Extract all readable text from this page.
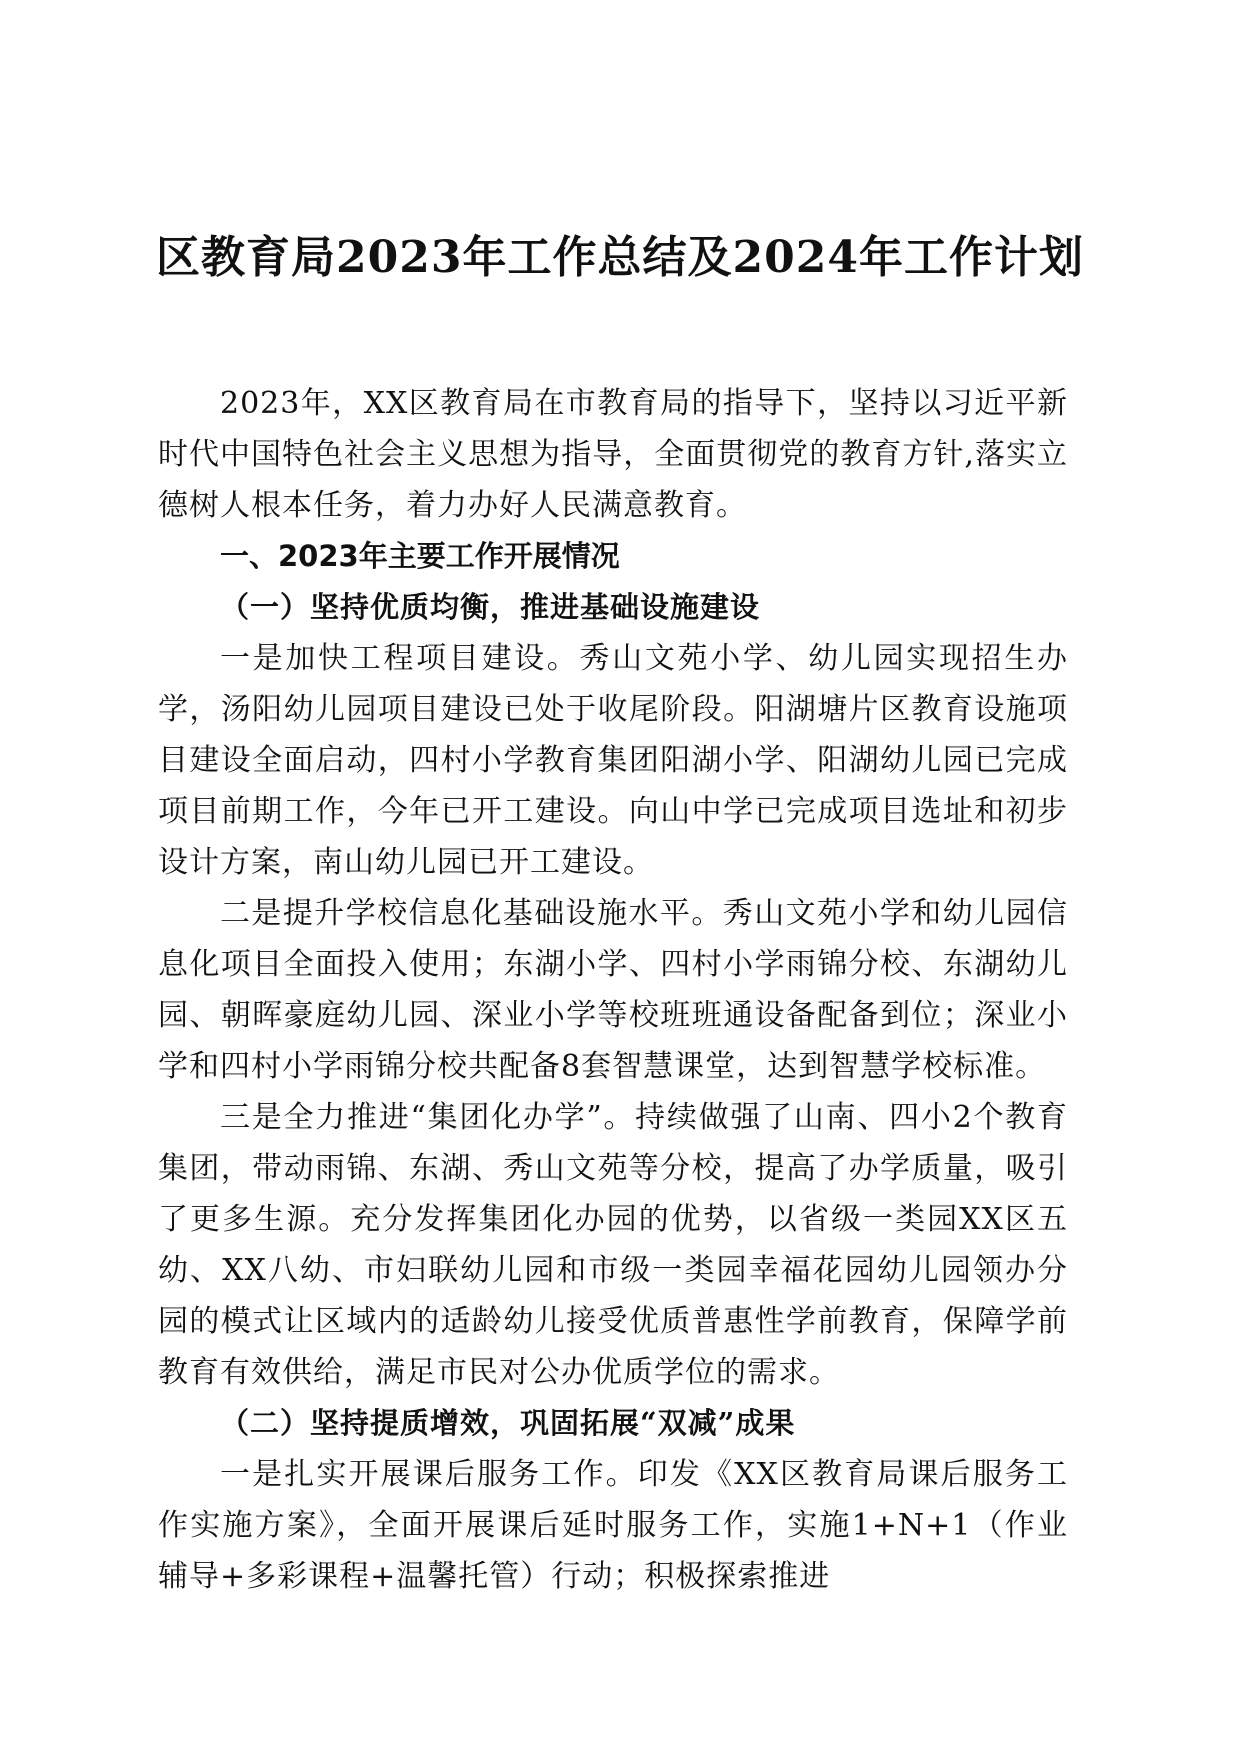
区教育局2023年工作总结及2024年工作计划

2023年，XX区教育局在市教育局的指导下，坚持以习近平新时代中国特色社会主义思想为指导，全面贯彻党的教育方针,落实立德树人根本任务，着力办好人民满意教育。

一、2023年主要工作开展情况

（一）坚持优质均衡，推进基础设施建设

一是加快工程项目建设。秀山文苑小学、幼儿园实现招生办学，汤阳幼儿园项目建设已处于收尾阶段。阳湖塘片区教育设施项目建设全面启动，四村小学教育集团阳湖小学、阳湖幼儿园已完成项目前期工作，今年已开工建设。向山中学已完成项目选址和初步设计方案，南山幼儿园已开工建设。

二是提升学校信息化基础设施水平。秀山文苑小学和幼儿园信息化项目全面投入使用；东湖小学、四村小学雨锦分校、东湖幼儿园、朝晖豪庭幼儿园、深业小学等校班班通设备配备到位；深业小学和四村小学雨锦分校共配备8套智慧课堂，达到智慧学校标准。

三是全力推进“集团化办学”。持续做强了山南、四小2个教育集团，带动雨锦、东湖、秀山文苑等分校，提高了办学质量，吸引了更多生源。充分发挥集团化办园的优势，以省级一类园XX区五幼、XX八幼、市妇联幼儿园和市级一类园幸福花园幼儿园领办分园的模式让区域内的适龄幼儿接受优质普惠性学前教育，保障学前教育有效供给，满足市民对公办优质学位的需求。

（二）坚持提质增效，巩固拓展“双减”成果

一是扎实开展课后服务工作。印发《XX区教育局课后服务工作实施方案》，全面开展课后延时服务工作，实施1+N+1（作业辅导+多彩课程+温馨托管）行动；积极探索推进
